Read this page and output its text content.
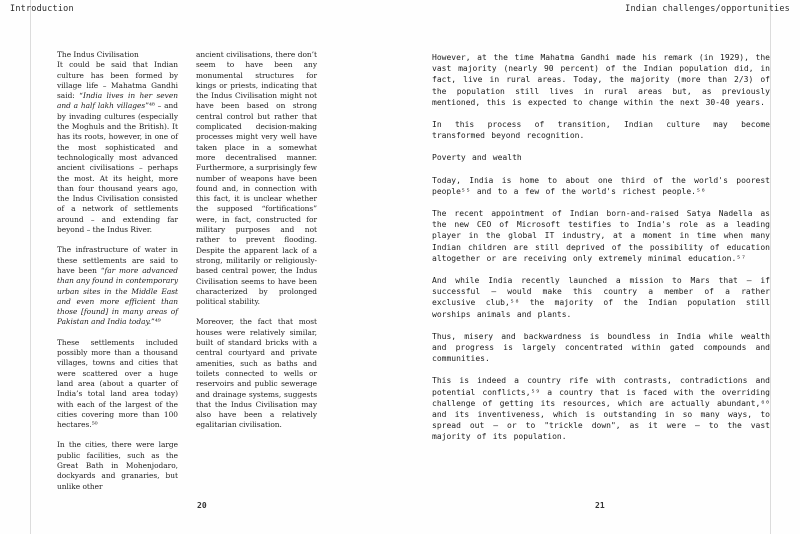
Introduction	Indian challenges/opportunities

The Indus Civilisation

It could be said that Indian culture has been formed by village life – Mahatma Gandhi said: “India lives in her seven and a half lakh villages”⁴⁸ – and by invading cultures (especially the Moghuls and the British). It has its roots, however, in one of the most sophisticated and technologically most advanced ancient civilisations – perhaps the most. At its height, more than four thousand years ago, the Indus Civilisation consisted of a network of settlements around – and extending far beyond – the Indus River.

The infrastructure of water in these settlements are said to have been “far more advanced than any found in contemporary urban sites in the Middle East and even more efficient than those [found] in many areas of Pakistan and India today.”⁴⁹

These settlements included possibly more than a thousand villages, towns and cities that were scattered over a huge land area (about a quarter of India’s total land area today) with each of the largest of the cities covering more than 100 hectares.⁵⁰

In the cities, there were large public facilities, such as the Great Bath in Mohenjodaro, dockyards and granaries, but unlike other

ancient civilisations, there don’t seem to have been any monumental structures for kings or priests, indicating that the Indus Civilisation might not have been based on strong central control but rather that complicated decision-making processes might very well have taken place in a somewhat more decentralised manner. Furthermore, a surprisingly few number of weapons have been found and, in connection with this fact, it is unclear whether the supposed “fortifications” were, in fact, constructed for military purposes and not rather to prevent flooding. Despite the apparent lack of a strong, militarily or religiously-based central power, the Indus Civilisation seems to have been characterized by prolonged political stability.

Moreover, the fact that most houses were relatively similar, built of standard bricks with a central courtyard and private amenities, such as baths and toilets connected to wells or reservoirs and public sewerage and drainage systems, suggests that the Indus Civilisation may also have been a relatively egalitarian civilisation.

20

However, at the time Mahatma Gandhi made his remark (in 1929), the vast majority (nearly 90 percent) of the Indian population did, in fact, live in rural areas. Today, the majority (more than 2/3) of the population still lives in rural areas but, as previously mentioned, this is expected to change within the next 30-40 years.

In this process of transition, Indian culture may become transformed beyond recognition.

Poverty and wealth

Today, India is home to about one third of the world's poorest people⁵⁵ and to a few of the world's richest people.⁵⁶

The recent appointment of Indian born-and-raised Satya Nadella as the new CEO of Microsoft testifies to India's role as a leading player in the global IT industry, at a moment in time when many Indian children are still deprived of the possibility of education altogether or are receiving only extremely minimal education.⁵⁷

And while India recently launched a mission to Mars that – if successful – would make this country a member of a rather exclusive club,⁵⁸ the majority of the Indian population still worships animals and plants.

Thus, misery and backwardness is boundless in India while wealth and progress is largely concentrated within gated compounds and communities.

This is indeed a country rife with contrasts, contradictions and potential conflicts,⁵⁹ a country that is faced with the overriding challenge of getting its resources, which are actually abundant,⁶⁰ and its inventiveness, which is outstanding in so many ways, to spread out – or to "trickle down", as it were – to the vast majority of its population.

21
